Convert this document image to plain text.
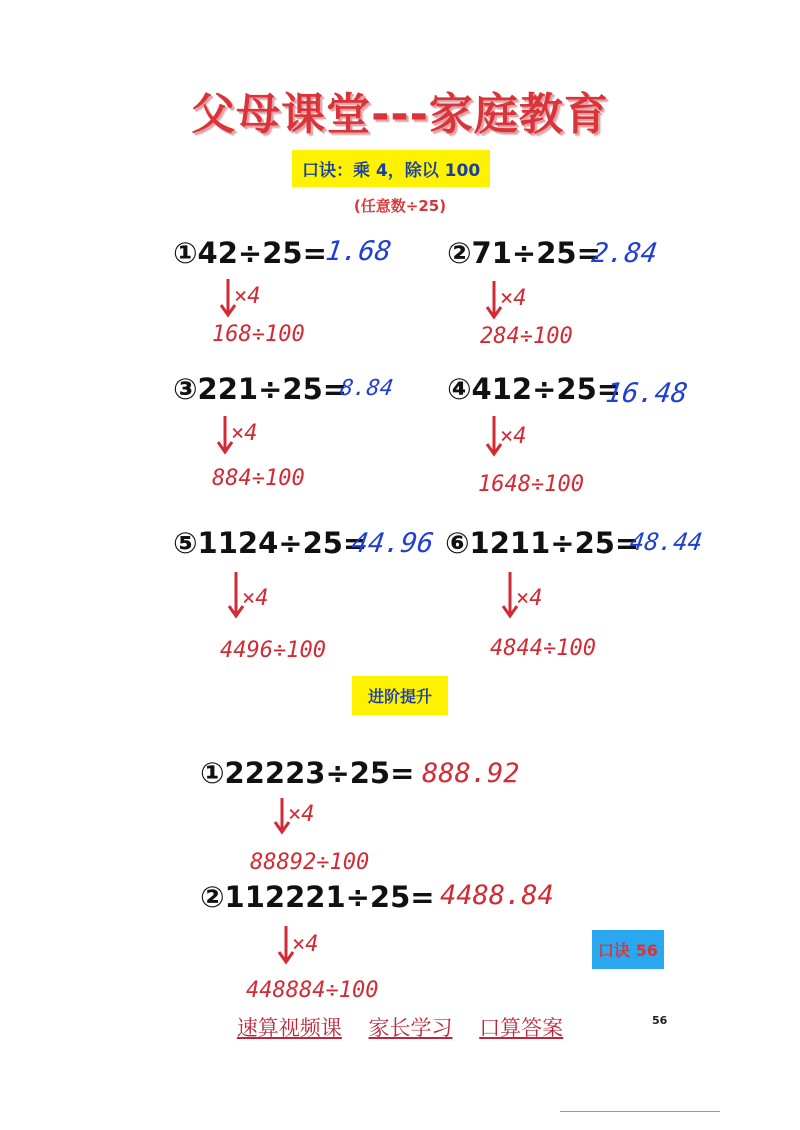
父母课堂---家庭教育
口诀：乘 4，除以 100
(任意数÷25)
①42÷25=
1.68
×4
168÷100
②71÷25=
2.84
×4
284÷100
③221÷25=
8.84
×4
884÷100
④412÷25=
16.48
×4
1648÷100
⑤1124÷25=
44.96
×4
4496÷100
⑥1211÷25=
48.44
×4
4844÷100
进阶提升
①22223÷25= 888.92
×4
88892÷100
②112221÷25= 4488.84
×4
448884÷100
口诀 56
速算视频课 家长学习 口算答案	56
